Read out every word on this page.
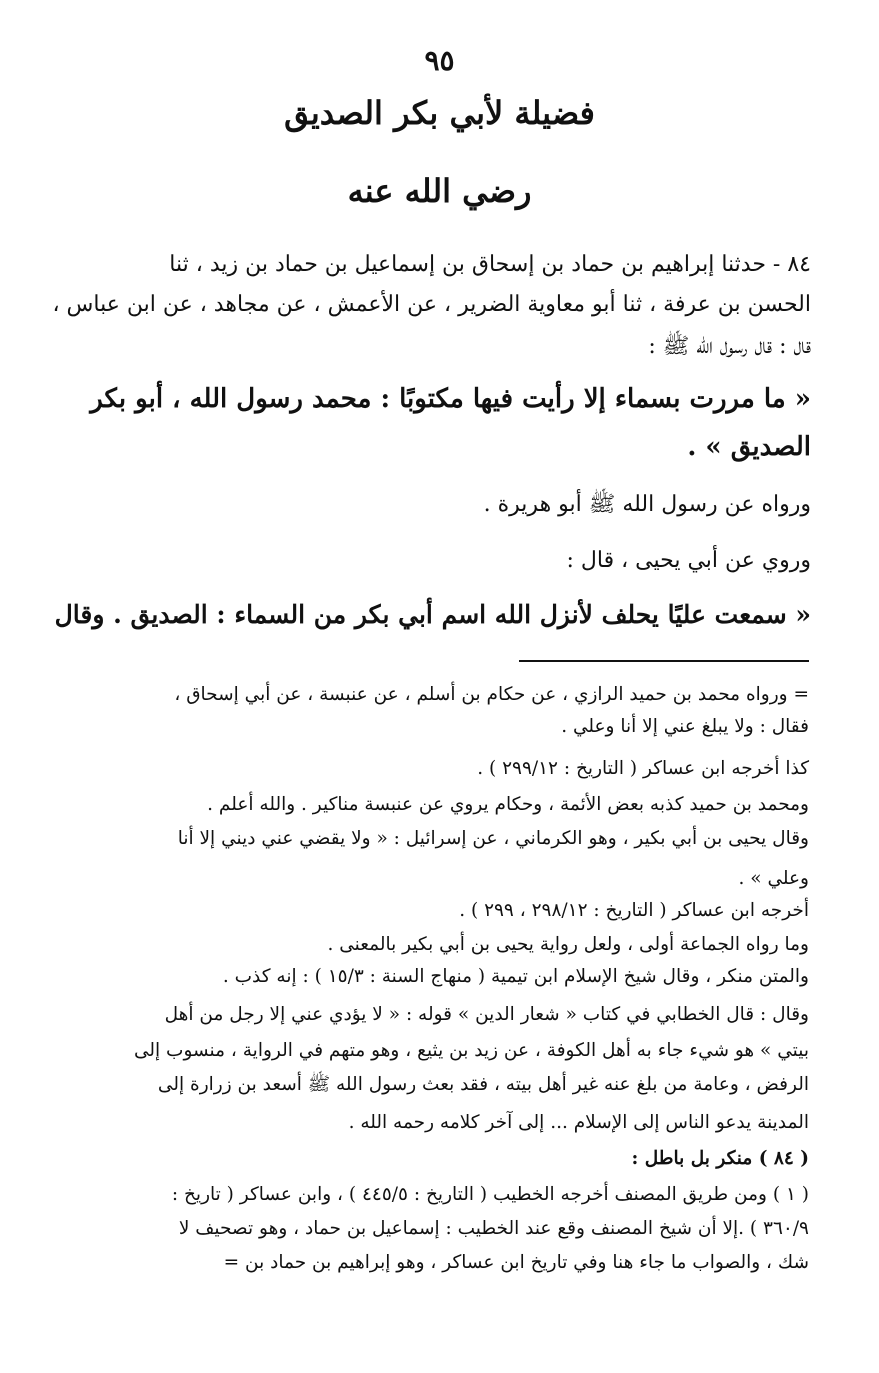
٩٥
فضيلة لأبي بكر الصديق
رضي الله عنه
٨٤ - حدثنا إبراهيم بن حماد بن إسحاق بن إسماعيل بن حماد بن زيد ، ثنا
الحسن بن عرفة ، ثنا أبو معاوية الضرير ، عن الأعمش ، عن مجاهد ، عن ابن عباس ،
قال : قال رسول الله ﷺ :
« ما مررت بسماء إلا رأيت فيها مكتوبًا : محمد رسول الله ، أبو بكر
الصديق » .
ورواه عن رسول الله ﷺ أبو هريرة .
وروي عن أبي يحيى ، قال :
« سمعت عليًا يحلف لأنزل الله اسم أبي بكر من السماء : الصديق . وقال
= ورواه محمد بن حميد الرازي ، عن حكام بن أسلم ، عن عنبسة ، عن أبي إسحاق ،
فقال : ولا يبلغ عني إلا أنا وعلي .
كذا أخرجه ابن عساكر ( التاريخ : ٢٩٩/١٢ ) .
ومحمد بن حميد كذبه بعض الأئمة ، وحكام يروي عن عنبسة مناكير . والله أعلم .
وقال يحيى بن أبي بكير ، وهو الكرماني ، عن إسرائيل : « ولا يقضي عني ديني إلا أنا
وعلي » .
أخرجه ابن عساكر ( التاريخ : ٢٩٨/١٢ ، ٢٩٩ ) .
وما رواه الجماعة أولى ، ولعل رواية يحيى بن أبي بكير بالمعنى .
والمتن منكر ، وقال شيخ الإسلام ابن تيمية ( منهاج السنة : ١٥/٣ ) : إنه كذب .
وقال : قال الخطابي في كتاب « شعار الدين » قوله : « لا يؤدي عني إلا رجل من أهل
بيتي » هو شيء جاء به أهل الكوفة ، عن زيد بن يثيع ، وهو متهم في الرواية ، منسوب إلى
الرفض ، وعامة من بلغ عنه غير أهل بيته ، فقد بعث رسول الله ﷺ أسعد بن زرارة إلى
المدينة يدعو الناس إلى الإسلام ... إلى آخر كلامه رحمه الله .
( ٨٤ ) منكر بل باطل :
( ١ ) ومن طريق المصنف أخرجه الخطيب ( التاريخ : ٤٤٥/٥ ) ، وابن عساكر ( تاريخ :
٣٦٠/٩ ) .إلا أن شيخ المصنف وقع عند الخطيب : إسماعيل بن حماد ، وهو تصحيف لا
شك ، والصواب ما جاء هنا وفي تاريخ ابن عساكر ، وهو إبراهيم بن حماد بن =
